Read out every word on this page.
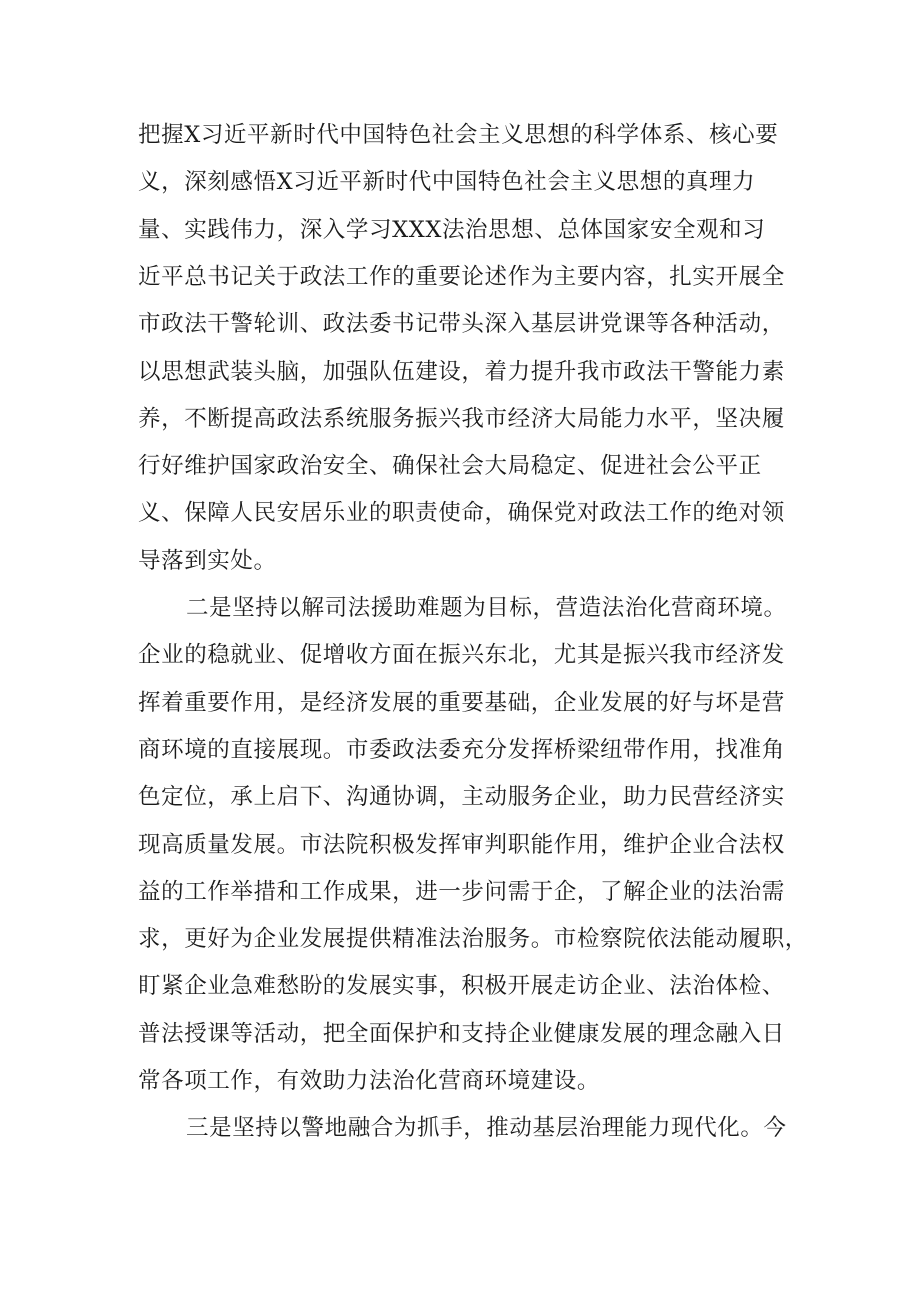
把握X习近平新时代中国特色社会主义思想的科学体系、核心要
义，深刻感悟X习近平新时代中国特色社会主义思想的真理力
量、实践伟力，深入学习XXX法治思想、总体国家安全观和习
近平总书记关于政法工作的重要论述作为主要内容，扎实开展全
市政法干警轮训、政法委书记带头深入基层讲党课等各种活动，
以思想武装头脑，加强队伍建设，着力提升我市政法干警能力素
养，不断提高政法系统服务振兴我市经济大局能力水平，坚决履
行好维护国家政治安全、确保社会大局稳定、促进社会公平正
义、保障人民安居乐业的职责使命，确保党对政法工作的绝对领
导落到实处。
二是坚持以解司法援助难题为目标，营造法治化营商环境。
企业的稳就业、促增收方面在振兴东北，尤其是振兴我市经济发
挥着重要作用，是经济发展的重要基础，企业发展的好与坏是营
商环境的直接展现。市委政法委充分发挥桥梁纽带作用，找准角
色定位，承上启下、沟通协调，主动服务企业，助力民营经济实
现高质量发展。市法院积极发挥审判职能作用，维护企业合法权
益的工作举措和工作成果，进一步问需于企，了解企业的法治需
求，更好为企业发展提供精准法治服务。市检察院依法能动履职，
盯紧企业急难愁盼的发展实事，积极开展走访企业、法治体检、
普法授课等活动，把全面保护和支持企业健康发展的理念融入日
常各项工作，有效助力法治化营商环境建设。
三是坚持以警地融合为抓手，推动基层治理能力现代化。今
